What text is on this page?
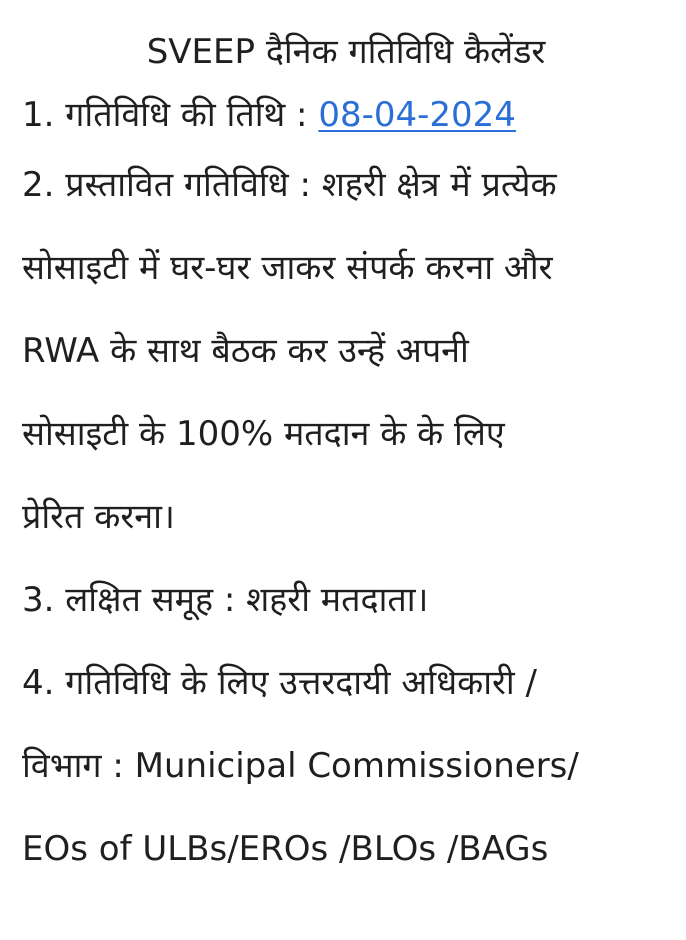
SVEEP दैनिक गतिविधि कैलेंडर
1. गतिविधि की तिथि : 08-04-2024
2. प्रस्तावित गतिविधि : शहरी क्षेत्र में प्रत्येक
सोसाइटी में घर-घर जाकर संपर्क करना और
RWA के साथ बैठक कर उन्हें अपनी
सोसाइटी के 100% मतदान के के लिए
प्रेरित करना।
3. लक्षित समूह : शहरी मतदाता।
4. गतिविधि के लिए उत्तरदायी अधिकारी /
विभाग : Municipal Commissioners/
EOs of ULBs/EROs /BLOs /BAGs
